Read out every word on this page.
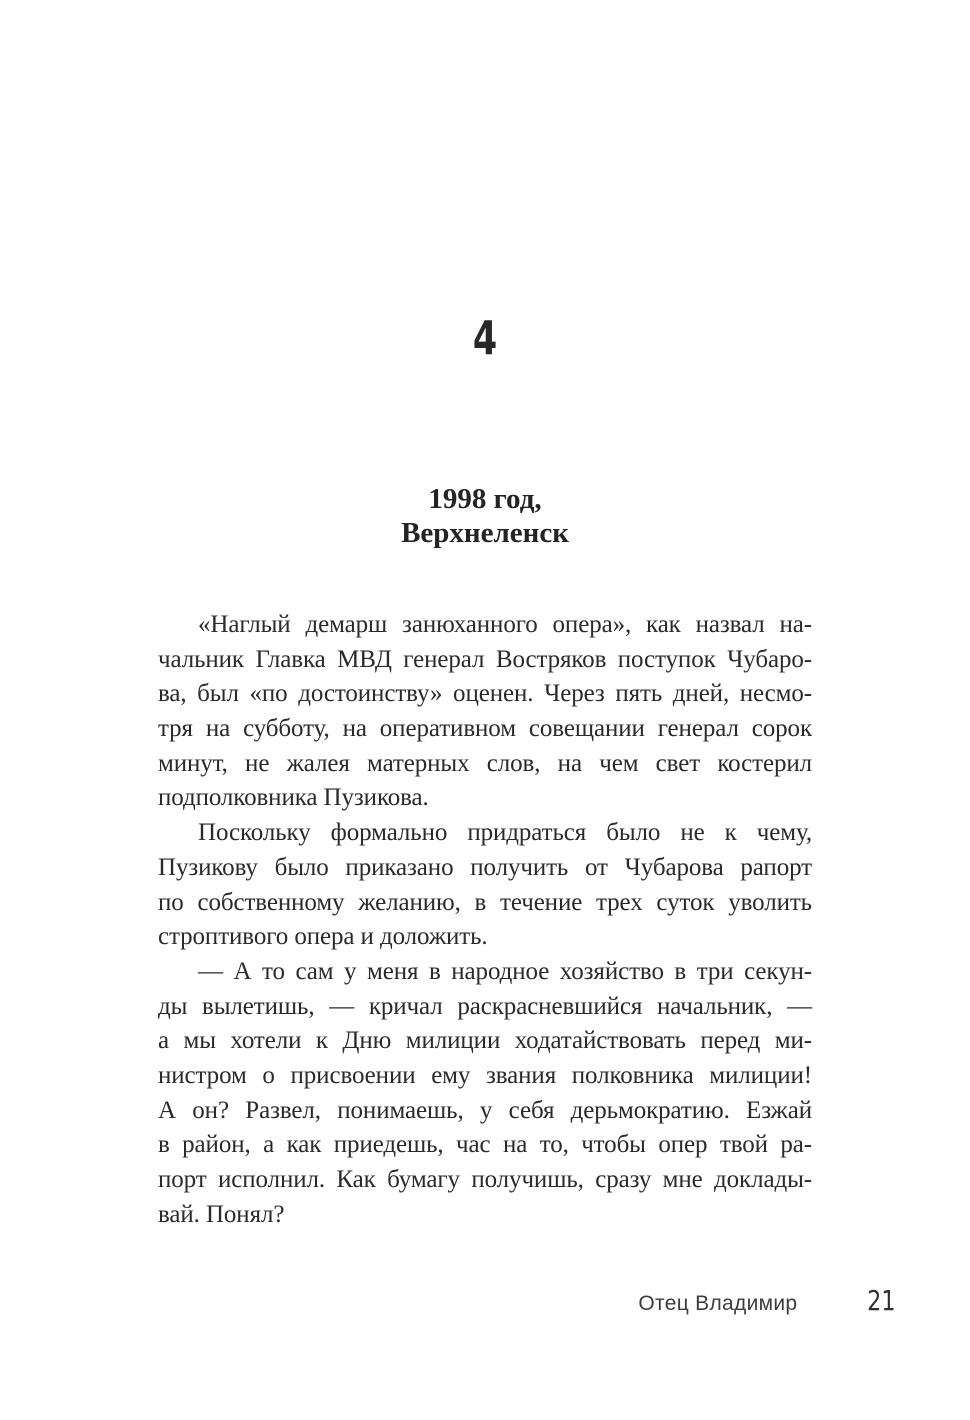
4
1998 год,
Верхнеленск
«Наглый демарш занюханного опера», как назвал на-
чальник Главка МВД генерал Востряков поступок Чубаро-
ва, был «по достоинству» оценен. Через пять дней, несмо-
тря на субботу, на оперативном совещании генерал сорок
минут, не жалея матерных слов, на чем свет костерил
подполковника Пузикова.
Поскольку формально придраться было не к чему,
Пузикову было приказано получить от Чубарова рапорт
по собственному желанию, в течение трех суток уволить
строптивого опера и доложить.
— А то сам у меня в народное хозяйство в три секун-
ды вылетишь, — кричал раскрасневшийся начальник, —
а мы хотели к Дню милиции ходатайствовать перед ми-
нистром о присвоении ему звания полковника милиции!
А он? Развел, понимаешь, у себя дерьмократию. Езжай
в район, а как приедешь, час на то, чтобы опер твой ра-
порт исполнил. Как бумагу получишь, сразу мне доклады-
вай. Понял?
Отец Владимир	21
